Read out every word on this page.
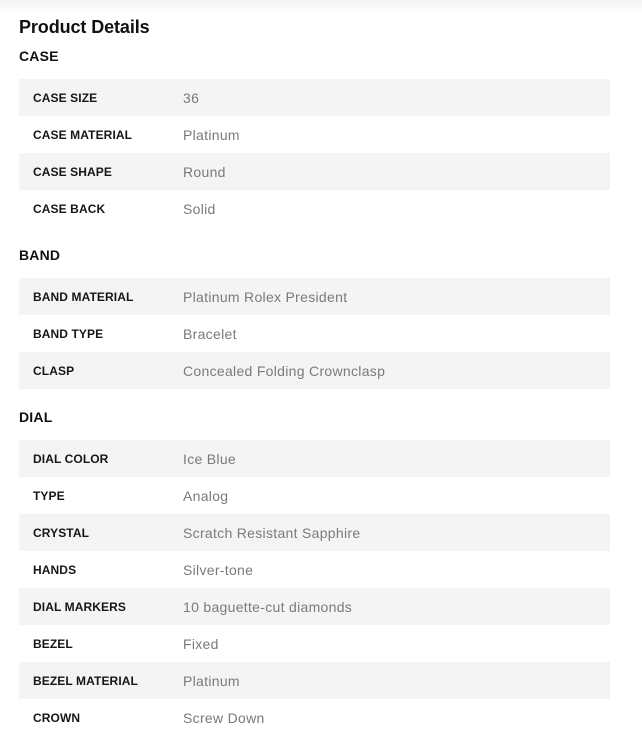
Product Details
CASE
CASE SIZE	36
CASE MATERIAL	Platinum
CASE SHAPE	Round
CASE BACK	Solid
BAND
BAND MATERIAL	Platinum Rolex President
BAND TYPE	Bracelet
CLASP	Concealed Folding Crownclasp
DIAL
DIAL COLOR	Ice Blue
TYPE	Analog
CRYSTAL	Scratch Resistant Sapphire
HANDS	Silver-tone
DIAL MARKERS	10 baguette-cut diamonds
BEZEL	Fixed
BEZEL MATERIAL	Platinum
CROWN	Screw Down
